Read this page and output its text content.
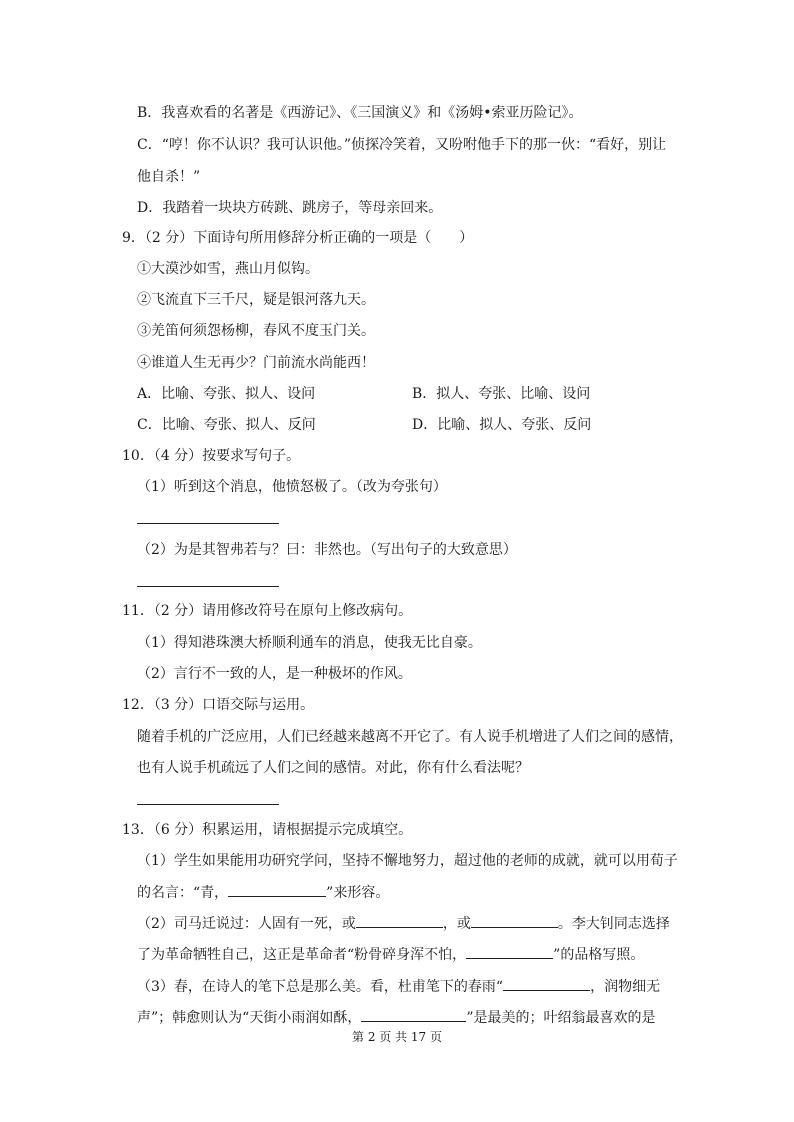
B．我喜欢看的名著是《西游记》、《三国演义》和《汤姆•索亚历险记》。
C．“哼！你不认识？我可认识他。”侦探冷笑着，又吩咐他手下的那一伙：“看好，别让
他自杀！”
D．我踏着一块块方砖跳、跳房子，等母亲回来。
9．（2 分）下面诗句所用修辞分析正确的一项是（　　）
①大漠沙如雪，燕山月似钩。
②飞流直下三千尺，疑是银河落九天。
③羌笛何须怨杨柳，春风不度玉门关。
④谁道人生无再少？门前流水尚能西！
A．比喻、夸张、拟人、设问	B．拟人、夸张、比喻、设问
C．比喻、夸张、拟人、反问	D．比喻、拟人、夸张、反问
10．（4 分）按要求写句子。
（1）听到这个消息，他愤怒极了。（改为夸张句）
（2）为是其智弗若与？曰：非然也。（写出句子的大致意思）
11．（2 分）请用修改符号在原句上修改病句。
（1）得知港珠澳大桥顺利通车的消息，使我无比自豪。
（2）言行不一致的人，是一种极坏的作风。
12．（3 分）口语交际与运用。
随着手机的广泛应用，人们已经越来越离不开它了。有人说手机增进了人们之间的感情，
也有人说手机疏远了人们之间的感情。对此，你有什么看法呢？
13．（6 分）积累运用，请根据提示完成填空。
（1）学生如果能用功研究学问，坚持不懈地努力，超过他的老师的成就，就可以用荀子
的名言：“青，	”来形容。
（2）司马迁说过：人固有一死，或	，或	。李大钊同志选择
了为革命牺牲自己，这正是革命者“粉骨碎身浑不怕，	”的品格写照。
（3）春，在诗人的笔下总是那么美。看，杜甫笔下的春雨“	，润物细无
声”；韩愈则认为“天街小雨润如酥，	”是最美的；叶绍翁最喜欢的是
第 2 页 共 17 页
